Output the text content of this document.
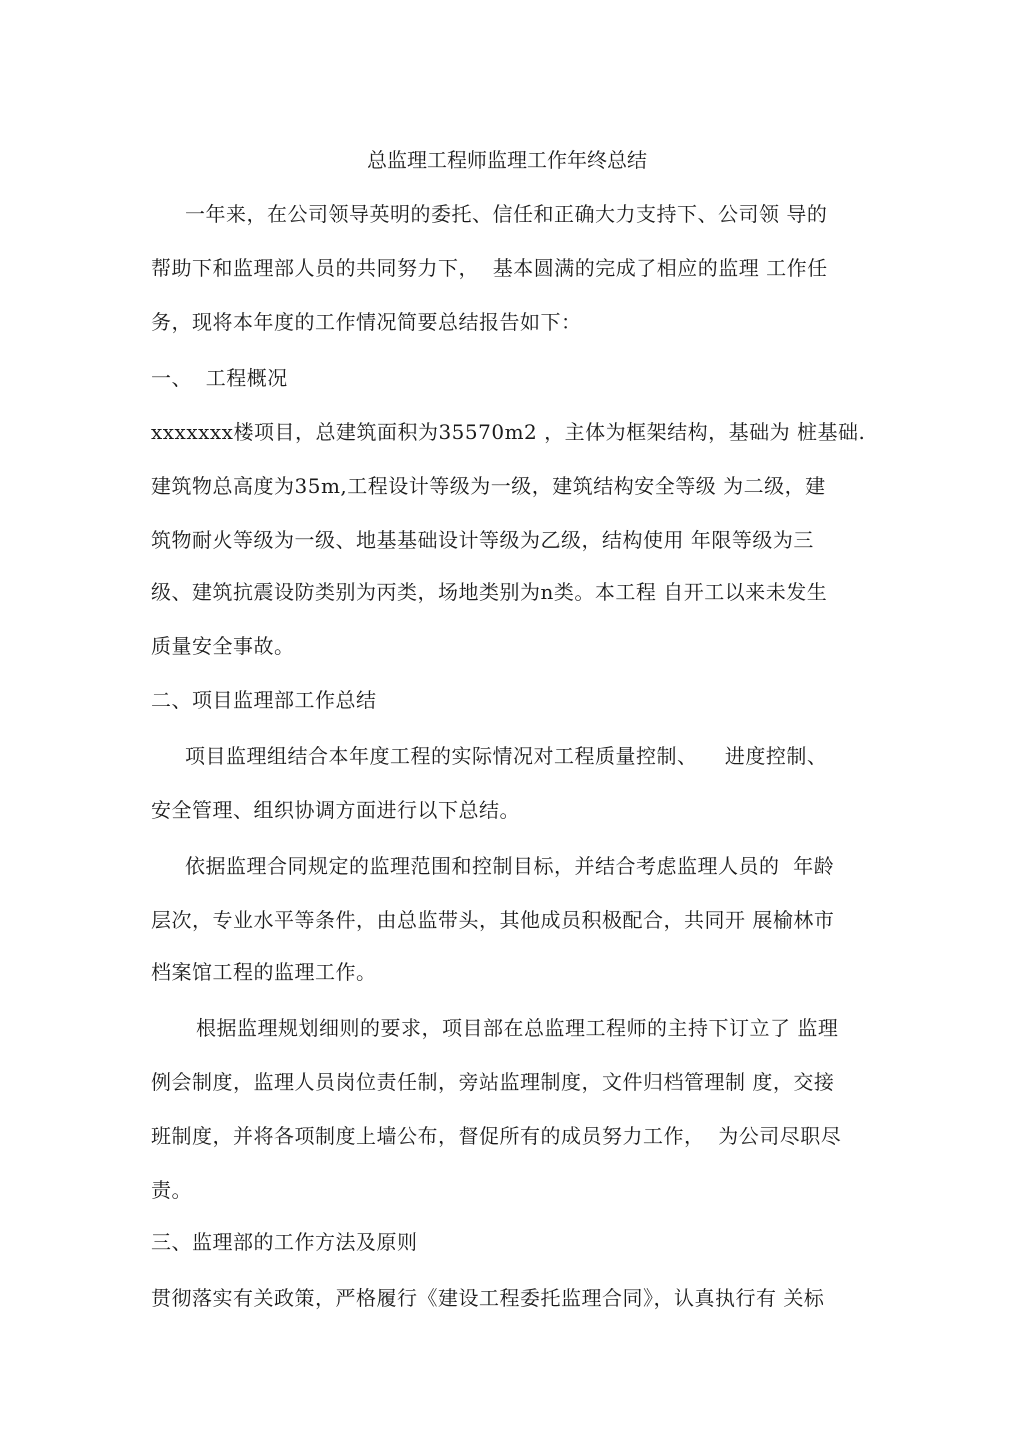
总监理工程师监理工作年终总结
一年来，在公司领导英明的委托、信任和正确大力支持下、公司领 导的
帮助下和监理部人员的共同努力下，  基本圆满的完成了相应的监理 工作任
务，现将本年度的工作情况简要总结报告如下：
一、  工程概况
xxxxxxx楼项目，总建筑面积为35570m2 ，主体为框架结构，基础为 桩基础.
建筑物总高度为35m,工程设计等级为一级，建筑结构安全等级 为二级，建
筑物耐火等级为一级、地基基础设计等级为乙级，结构使用 年限等级为三
级、建筑抗震设防类别为丙类，场地类别为n类。本工程 自开工以来未发生
质量安全事故。
二、项目监理部工作总结
项目监理组结合本年度工程的实际情况对工程质量控制、    进度控制、
安全管理、组织协调方面进行以下总结。
依据监理合同规定的监理范围和控制目标，并结合考虑监理人员的  年龄
层次，专业水平等条件，由总监带头，其他成员积极配合，共同开 展榆林市
档案馆工程的监理工作。
根据监理规划细则的要求，项目部在总监理工程师的主持下订立了 监理
例会制度，监理人员岗位责任制，旁站监理制度，文件归档管理制 度，交接
班制度，并将各项制度上墙公布，督促所有的成员努力工作，  为公司尽职尽
责。
三、监理部的工作方法及原则
贯彻落实有关政策，严格履行《建设工程委托监理合同》，认真执行有 关标
